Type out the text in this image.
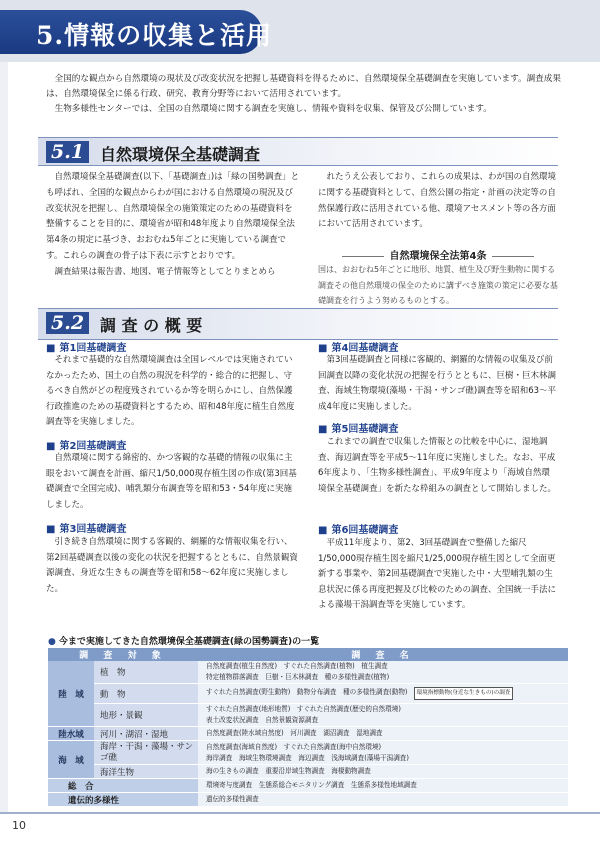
5.情報の収集と活用

全国的な観点から自然環境の現状及び改変状況を把握し基礎資料を得るために、自然環境保全基礎調査を実施しています。調査成果は、自然環境保全に係る行政、研究、教育分野等において活用されています。

生物多様性センターでは、全国の自然環境に関する調査を実施し、情報や資料を収集、保管及び公開しています。

5.1 自然環境保全基礎調査

自然環境保全基礎調査(以下、「基礎調査」)は「緑の国勢調査」とも呼ばれ、全国的な観点からわが国における自然環境の現況及び改変状況を把握し、自然環境保全の施策策定のための基礎資料を整備することを目的に、環境省が昭和48年度より自然環境保全法第4条の規定に基づき、おおむね5年ごとに実施している調査です。これらの調査の骨子は下表に示すとおりです。

調査結果は報告書、地図、電子情報等としてとりまとめら

れたうえ公表しており、これらの成果は、わが国の自然環境に関する基礎資料として、自然公園の指定・計画の決定等の自然保護行政に活用されている他、環境アセスメント等の各方面において活用されています。

自然環境保全法第4条
国は、おおむね5年ごとに地形、地質、植生及び野生動物に関する調査その他自然環境の保全のために講ずべき施策の策定に必要な基礎調査を行うよう努めるものとする。
5.2 調 査 の 概 要
■ 第1回基礎調査

それまで基礎的な自然環境調査は全国レベルでは実施されていなかったため、国土の自然の現況を科学的・総合的に把握し、守るべき自然がどの程度残されているか等を明らかにし、自然保護行政推進のための基礎資料とするため、昭和48年度に植生自然度調査等を実施しました。

■ 第2回基礎調査

自然環境に関する綿密的、かつ客観的な基礎的情報の収集に主眼をおいて調査を計画、縮尺1/50,000現存植生図の作成(第3回基礎調査で全国完成)、哺乳類分布調査等を昭和53・54年度に実施しました。

■ 第3回基礎調査

引き続き自然環境に関する客観的、網羅的な情報収集を行い、第2回基礎調査以後の変化の状況を把握するとともに、自然景観資源調査、身近な生きもの調査等を昭和58～62年度に実施しました。

■ 第4回基礎調査

第3回基礎調査と同様に客観的、網羅的な情報の収集及び前回調査以降の変化状況の把握を行うとともに、巨樹・巨木林調査、海域生物環境(藻場・干潟・サンゴ礁)調査等を昭和63～平成4年度に実施しました。

■ 第5回基礎調査

これまでの調査で収集した情報との比較を中心に、湿地調査、海辺調査等を平成5～11年度に実施しました。なお、平成6年度より、「生物多様性調査」、平成9年度より「海域自然環境保全基礎調査」を新たな枠組みの調査として開始しました。

■ 第6回基礎調査

平成11年度より、第2、3回基礎調査で整備した縮尺1/50,000現存植生図を縮尺1/25,000現存植生図として全面更新する事業や、第2回基礎調査で実施した中・大型哺乳類の生息状況に係る再度把握及び比較のための調査、全国統一手法による藻場干潟調査等を実施しています。

● 今まで実施してきた自然環境保全基礎調査(緑の国勢調査)の一覧
調 査 対 象		調 査 名
陸　域	植　物	自然度調査(植生自然度)　すぐれた自然調査(植物)　植生調査
特定植物群落調査　巨樹・巨木林調査　種の多様性調査(植物)

	動　物	すぐれた自然調査(野生動物)　動物分布調査　種の多様性調査(動物) 環境指標動物(身近な生きもの)の調査
	地形・景観	すぐれた自然調査(地形地質)　すぐれた自然調査(歴史的自然環境)
表土改変状況調査　自然景観資源調査

陸水域	河川・湖沼・湿地	自然度調査(陸水域自然度)　河川調査　湖沼調査　湿地調査

海　域	海岸・干潟・藻場・サンゴ礁	自然度調査(海域自然度)　すぐれた自然調査(海中自然環境)
海岸調査　海域生物環境調査　海辺調査　浅海域調査(藻場干潟調査)

	海洋生物	海の生きもの調査　重要沿岸域生物調査　海棲動物調査

総　合		環境寄与度調査　生態系総合モニタリング調査　生態系多様性地域調査

遺伝的多様性		遺伝的多様性調査
10
